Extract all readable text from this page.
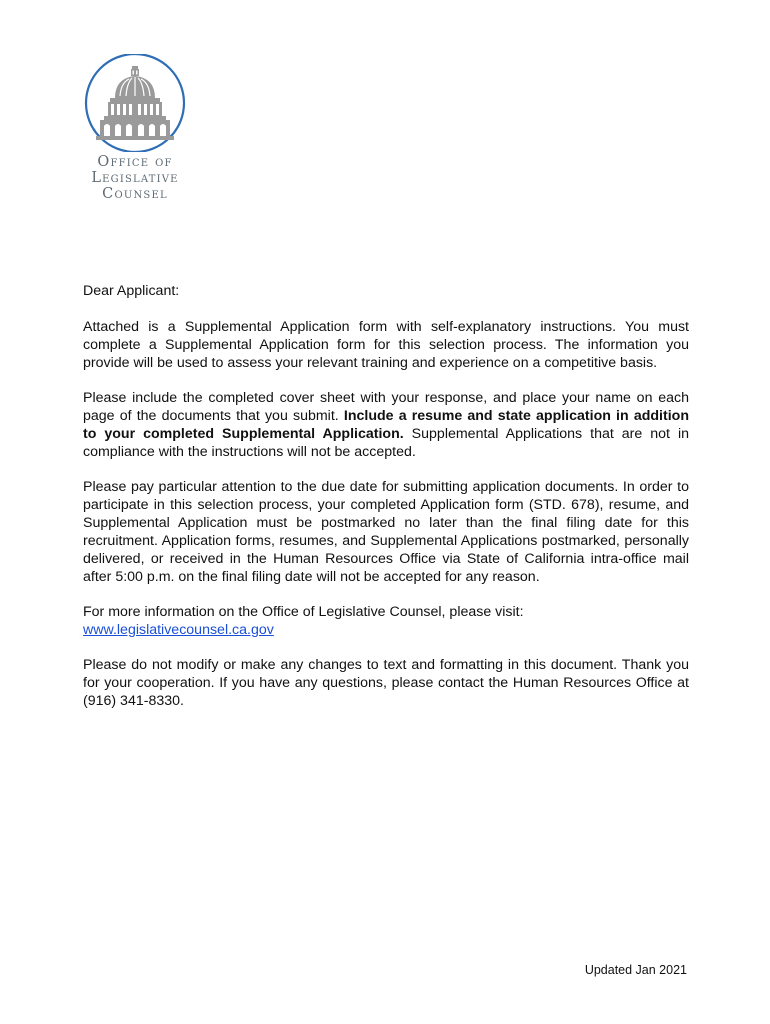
Office of
Legislative
Counsel

Dear Applicant:

Attached is a Supplemental Application form with self-explanatory instructions. You must complete a Supplemental Application form for this selection process. The information you provide will be used to assess your relevant training and experience on a competitive basis.

Please include the completed cover sheet with your response, and place your name on each page of the documents that you submit. Include a resume and state application in addition to your completed Supplemental Application. Supplemental Applications that are not in compliance with the instructions will not be accepted.

Please pay particular attention to the due date for submitting application documents. In order to participate in this selection process, your completed Application form (STD. 678), resume, and Supplemental Application must be postmarked no later than the final filing date for this recruitment. Application forms, resumes, and Supplemental Applications postmarked, personally delivered, or received in the Human Resources Office via State of California intra-office mail after 5:00 p.m. on the final filing date will not be accepted for any reason.

For more information on the Office of Legislative Counsel, please visit:
www.legislativecounsel.ca.gov

Please do not modify or make any changes to text and formatting in this document. Thank you for your cooperation. If you have any questions, please contact the Human Resources Office at (916) 341-8330.

Updated Jan 2021
